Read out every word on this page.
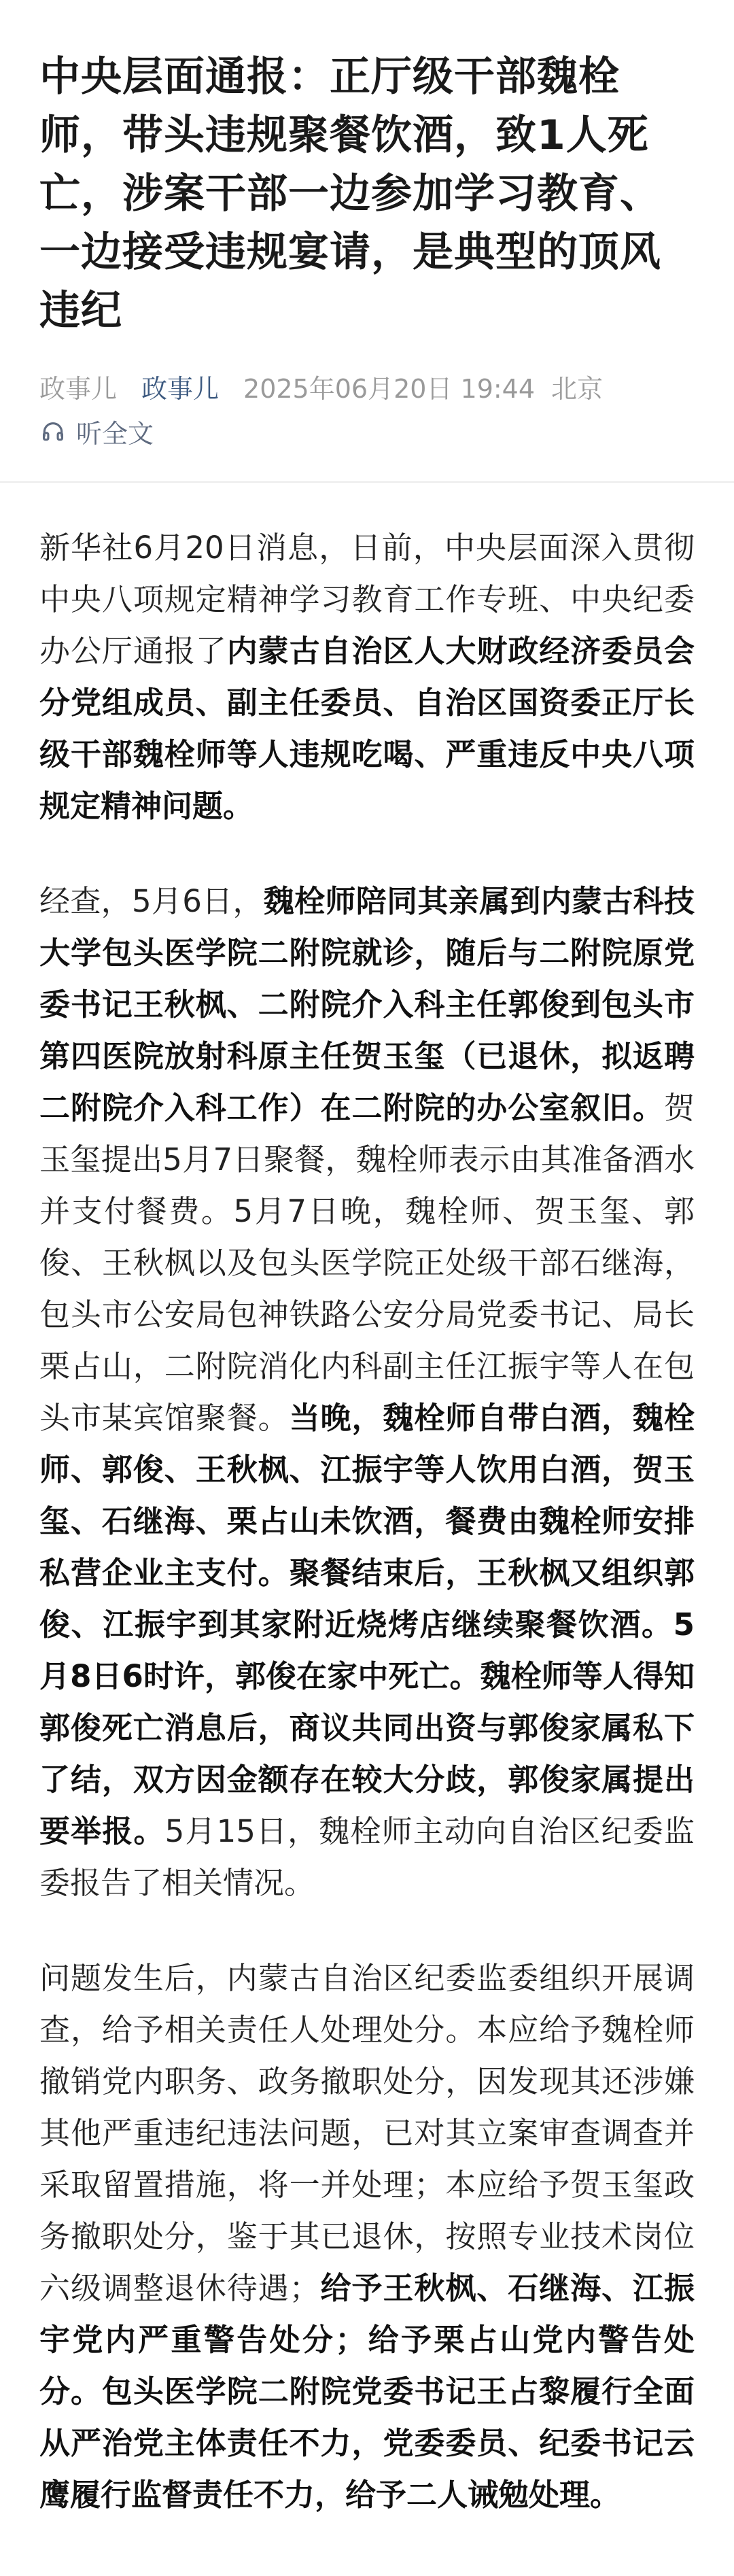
中央层面通报：正厅级干部魏栓师，带头违规聚餐饮酒，致1人死亡，涉案干部一边参加学习教育、一边接受违规宴请，是典型的顶风违纪
政事儿 政事儿 2025年06月20日 19:44 北京
听全文

新华社6月20日消息，日前，中央层面深入贯彻中央八项规定精神学习教育工作专班、中央纪委办公厅通报了内蒙古自治区人大财政经济委员会分党组成员、副主任委员、自治区国资委正厅长级干部魏栓师等人违规吃喝、严重违反中央八项规定精神问题。

经查，5月6日，魏栓师陪同其亲属到内蒙古科技大学包头医学院二附院就诊，随后与二附院原党委书记王秋枫、二附院介入科主任郭俊到包头市第四医院放射科原主任贺玉玺（已退休，拟返聘二附院介入科工作）在二附院的办公室叙旧。贺玉玺提出5月7日聚餐，魏栓师表示由其准备酒水并支付餐费。5月7日晚，魏栓师、贺玉玺、郭俊、王秋枫以及包头医学院正处级干部石继海，包头市公安局包神铁路公安分局党委书记、局长栗占山，二附院消化内科副主任江振宇等人在包头市某宾馆聚餐。当晚，魏栓师自带白酒，魏栓师、郭俊、王秋枫、江振宇等人饮用白酒，贺玉玺、石继海、栗占山未饮酒，餐费由魏栓师安排私营企业主支付。聚餐结束后，王秋枫又组织郭俊、江振宇到其家附近烧烤店继续聚餐饮酒。5月8日6时许，郭俊在家中死亡。魏栓师等人得知郭俊死亡消息后，商议共同出资与郭俊家属私下了结，双方因金额存在较大分歧，郭俊家属提出要举报。5月15日，魏栓师主动向自治区纪委监委报告了相关情况。

问题发生后，内蒙古自治区纪委监委组织开展调查，给予相关责任人处理处分。本应给予魏栓师撤销党内职务、政务撤职处分，因发现其还涉嫌其他严重违纪违法问题，已对其立案审查调查并采取留置措施，将一并处理；本应给予贺玉玺政务撤职处分，鉴于其已退休，按照专业技术岗位六级调整退休待遇；给予王秋枫、石继海、江振宇党内严重警告处分；给予栗占山党内警告处分。包头医学院二附院党委书记王占黎履行全面从严治党主体责任不力，党委委员、纪委书记云鹰履行监督责任不力，给予二人诫勉处理。
